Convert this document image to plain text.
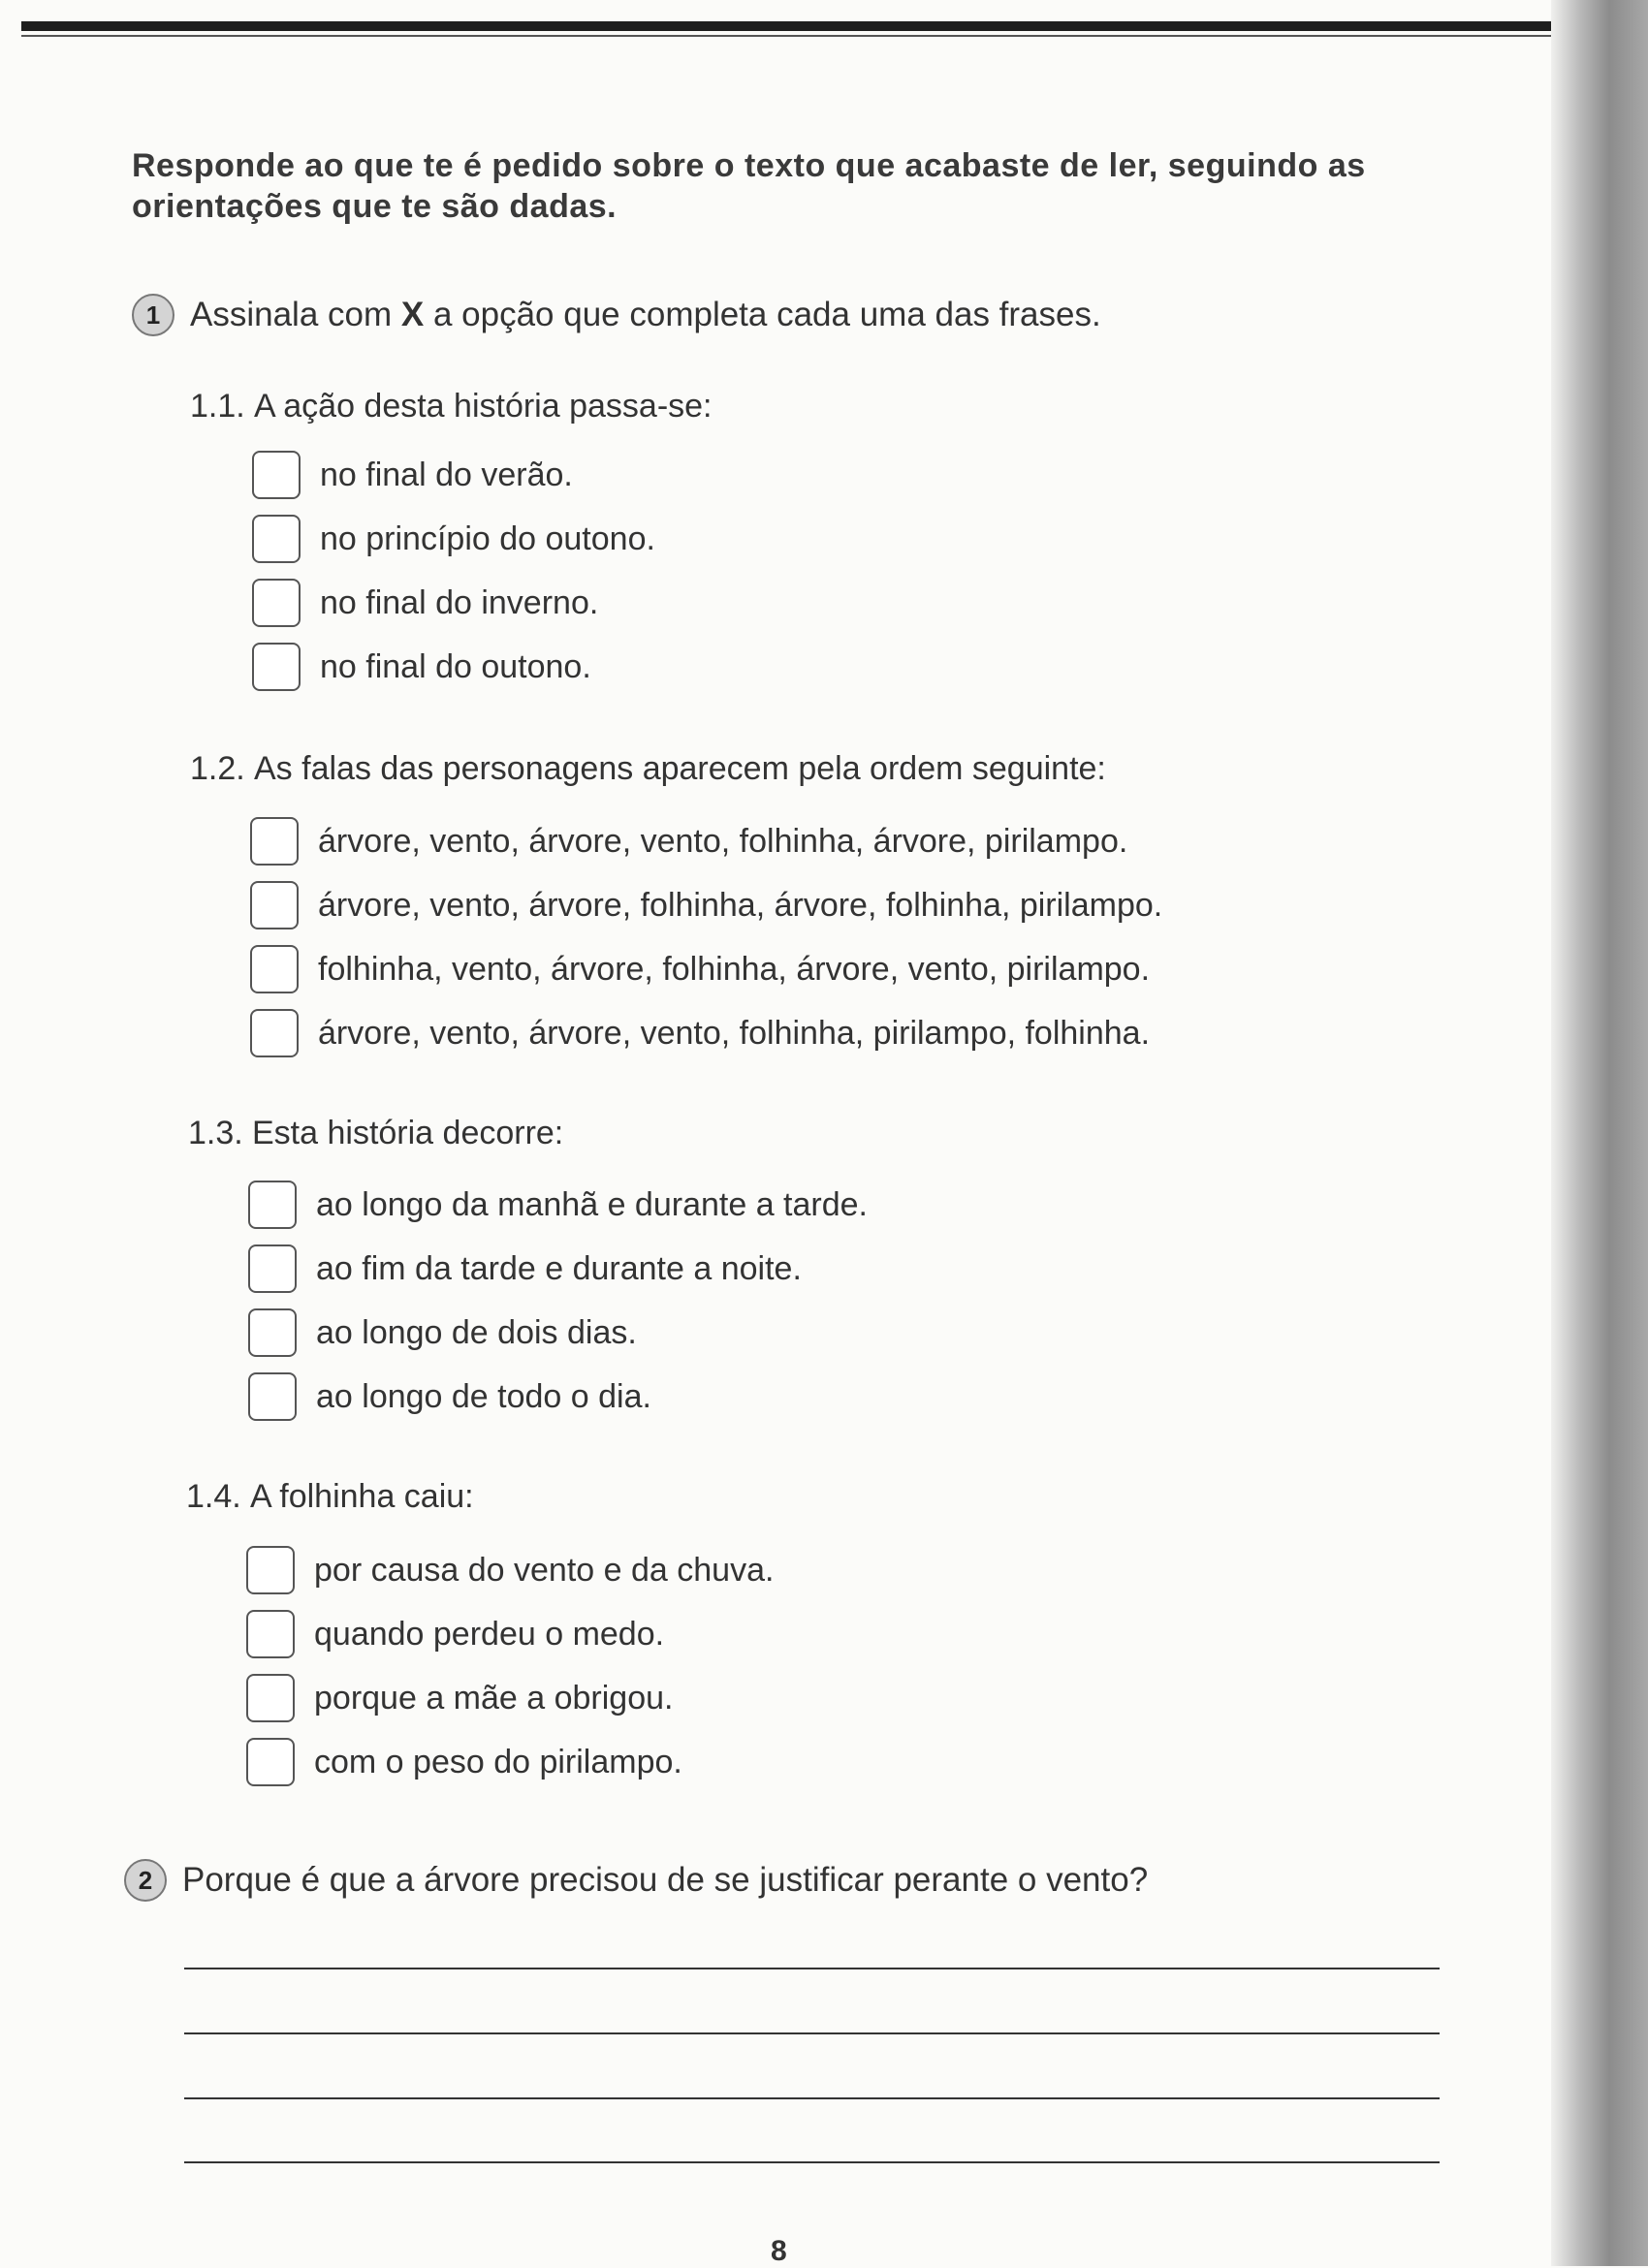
Responde ao que te é pedido sobre o texto que acabaste de ler, seguindo as orientações que te são dadas.
1 Assinala com X a opção que completa cada uma das frases.
1.1. A ação desta história passa-se:
no final do verão.
no princípio do outono.
no final do inverno.
no final do outono.
1.2. As falas das personagens aparecem pela ordem seguinte:
árvore, vento, árvore, vento, folhinha, árvore, pirilampo.
árvore, vento, árvore, folhinha, árvore, folhinha, pirilampo.
folhinha, vento, árvore, folhinha, árvore, vento, pirilampo.
árvore, vento, árvore, vento, folhinha, pirilampo, folhinha.
1.3. Esta história decorre:
ao longo da manhã e durante a tarde.
ao fim da tarde e durante a noite.
ao longo de dois dias.
ao longo de todo o dia.
1.4. A folhinha caiu:
por causa do vento e da chuva.
quando perdeu o medo.
porque a mãe a obrigou.
com o peso do pirilampo.
2 Porque é que a árvore precisou de se justificar perante o vento?
8
